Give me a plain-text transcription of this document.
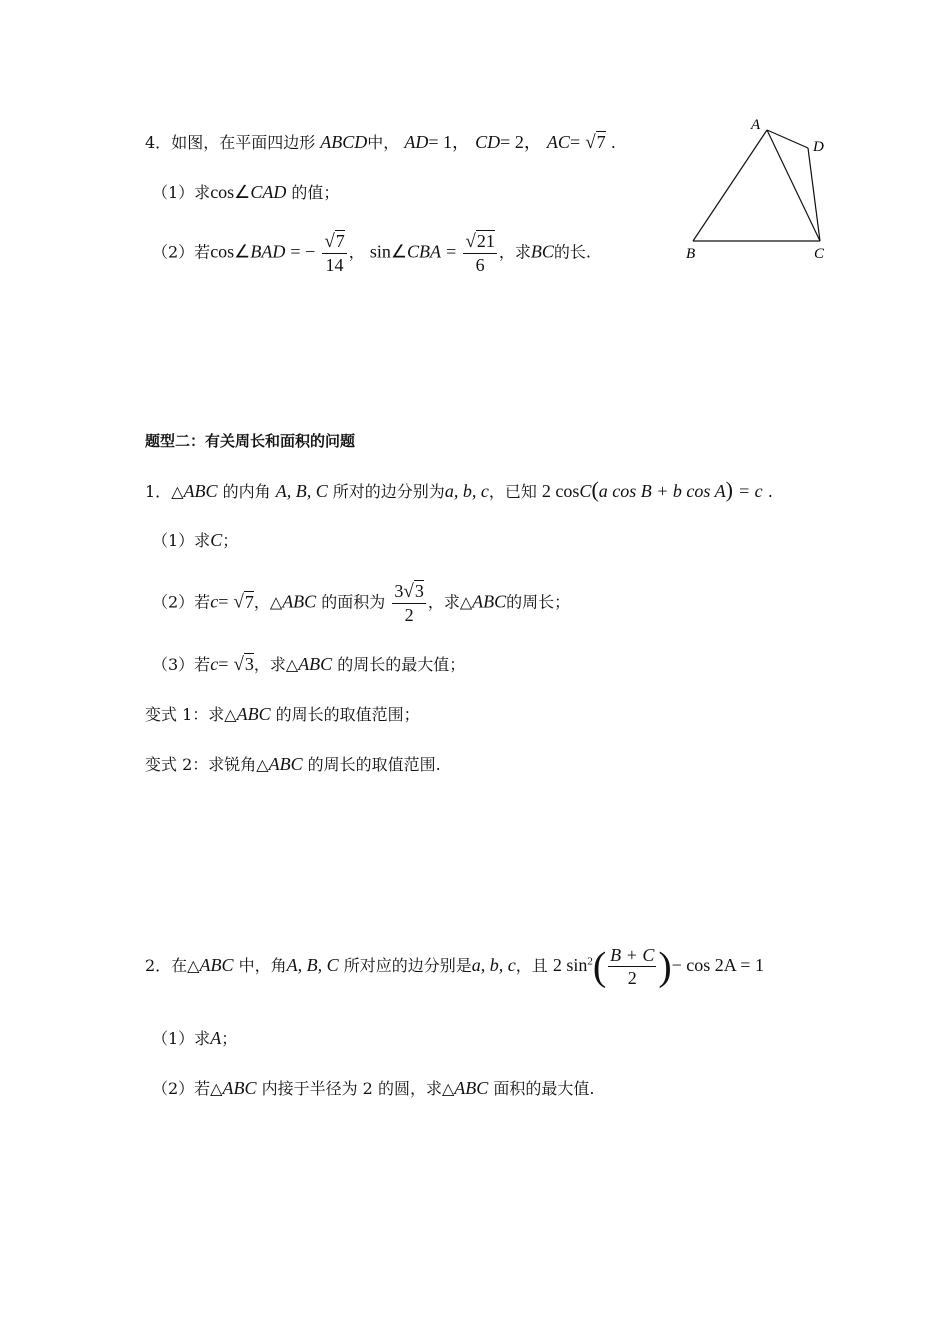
4．如图，在平面四边形 ABCD中， AD= 1， CD= 2， AC= √7 .
（1）求cos∠CAD 的值；
（2）若cos∠BAD = − $\frac{√7}{14}$ ， sin∠CBA = $\frac{√21}{6}$ ，求BC的长.
A
B	C
D
题型二：有关周长和面积的问题
1．△ABC 的内角 A, B, C 所对的边分别为a, b, c，已知 2 cosC(a cos B + b cos A) = c .
（1）求C；
（2）若c= √7，△ABC 的面积为 $\frac{3√3}{2}$ ，求△ABC的周长；
（3）若c= √3，求△ABC 的周长的最大值；
变式 1：求△ABC 的周长的取值范围；
变式 2：求锐角△ABC 的周长的取值范围.
2．在△ABC 中，角A, B, C 所对应的边分别是a, b, c，且 2 $\sin^2( \frac{B + C}{2}$ )− cos 2A = 1
（1）求A；
（2）若△ABC 内接于半径为 2 的圆，求△ABC 面积的最大值.
